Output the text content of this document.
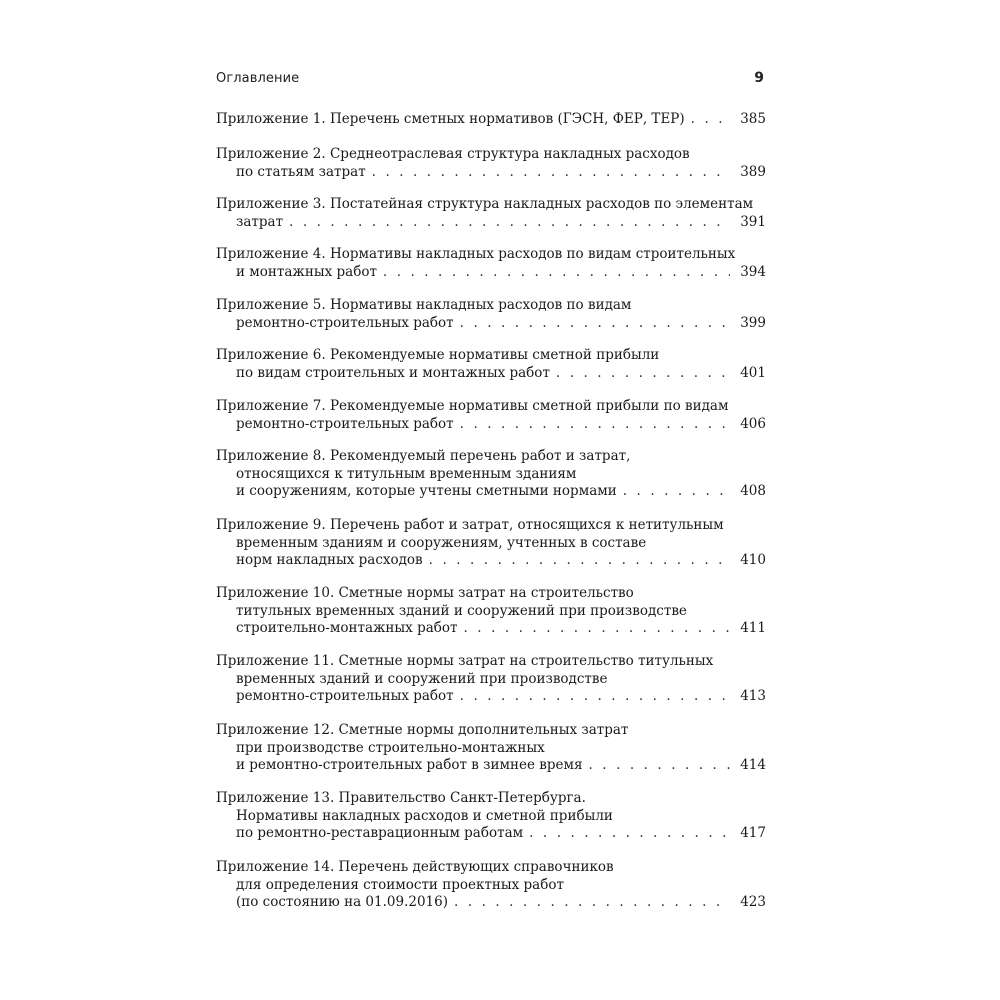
Оглавление	9
Приложение 1. Перечень сметных нормативов (ГЭСН, ФЕР, ТЕР) . . .	385
Приложение 2. Среднеотраслевая структура накладных расходов
по статьям затрат . . .	389
Приложение 3. Постатейная структура накладных расходов по элементам
затрат . . .	391
Приложение 4. Нормативы накладных расходов по видам строительных
и монтажных работ . . .	394
Приложение 5. Нормативы накладных расходов по видам
ремонтно-строительных работ . . .	399
Приложение 6. Рекомендуемые нормативы сметной прибыли
по видам строительных и монтажных работ . . .	401
Приложение 7. Рекомендуемые нормативы сметной прибыли по видам
ремонтно-строительных работ . . .	406
Приложение 8. Рекомендуемый перечень работ и затрат,
относящихся к титульным временным зданиям
и сооружениям, которые учтены сметными нормами . . .	408
Приложение 9. Перечень работ и затрат, относящихся к нетитульным
временным зданиям и сооружениям, учтенных в составе
норм накладных расходов . . .	410
Приложение 10. Сметные нормы затрат на строительство
титульных временных зданий и сооружений при производстве
строительно-монтажных работ . . .	411
Приложение 11. Сметные нормы затрат на строительство титульных
временных зданий и сооружений при производстве
ремонтно-строительных работ . . .	413
Приложение 12. Сметные нормы дополнительных затрат
при производстве строительно-монтажных
и ремонтно-строительных работ в зимнее время . . .	414
Приложение 13. Правительство Санкт-Петербурга.
Нормативы накладных расходов и сметной прибыли
по ремонтно-реставрационным работам . . .	417
Приложение 14. Перечень действующих справочников
для определения стоимости проектных работ
(по состоянию на 01.09.2016) . . .	423
